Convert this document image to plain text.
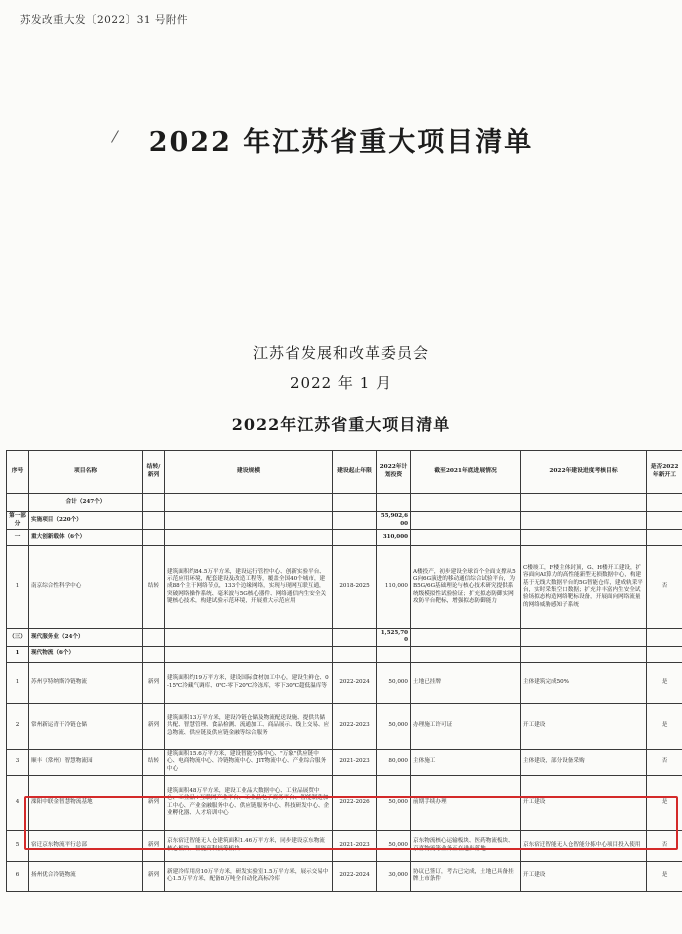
苏发改重大发〔2022〕31 号附件
2022 年江苏省重大项目清单
江苏省发展和改革委员会
2022 年 1 月
2022年江苏省重大项目清单
序号	项目名称	结转/新列	建设规模	建设起止年限	2022年计划投资	截至2021年底进展情况	2022年建设进度考核目标	是否2022年新开工
	合计（247个）							
第一部分	实施项目（220个）				55,902,600			
一	重大创新载体（6个）				310,000			
1	南京综合性科学中心	结转	建筑面积约84.5万平方米，建设运行管控中心、创新实验平台、示范应用环境，配套建设及改造工程等，覆盖全国40个城市，建成88个主干网络节点，133个边缘网络，实现与现网互联互通，突破网络操作系统、毫米波与5G核心器件、网络通信内生安全关键核心技术，构建试验示范环境，开展重大示范应用	2018-2025	110,000	A楼投产，初步建设全球首个全面支撑从5G向6G演进的移动通信综合试验平台，为B5G/6G基础理论与核心技术研究提供系统级模拟性试验验证；扩充拟态防御实网攻防平台靶标，增强拟态防御能力	C楼竣工，F楼主体封顶，G、H楼开工建设，扩容面向AI算力的高性能新型无损数据中心，构建基于无线大数据平台的5G智能仓库，建成轨采平台，实时采集空口数据；扩充并丰富内生安全试验场拟态构造网络靶标设备，开展面向网络流量的网络威胁感知子系统	否
（三）	现代服务业（24个）				1,525,700			
1	现代物流（6个）							
1	苏州亨特纳斯冷链物流	新列	建筑面积约19万平方米，建设国际食材加工中心，建设生鲜仓、0-15℃冷藏气调库、0℃-零下20℃冷冻库，零下30℃超低温库等	2022-2024	50,000	土地已挂牌	主体建筑完成50%	是
2	常州新运青干冷链仓储	新列	建筑面积13万平方米，建设冷链仓储及物流配送设施、提供共储共配、智慧管理、食品检测、流通加工、商品展示、线上交易、应急物流、供应链及供应链金融等综合服务	2022-2023	50,000	办理施工许可证	开工建设	是
3	顺丰（常州）智慧物流园	结转	建筑面积15.6万平方米，建设智能分拣中心、"万象"供应链中心、电商物流中心、冷链物流中心、JIT物流中心、产业综合服务中心	2021-2023	80,000	主体施工	主体建设，部分设备采购	否
4	溧阳中联金智慧物流基地	新列	建筑面积48万平方米，建设工业品大数据中心、工业品展贸中心、工业品+互联网产业平台、工业品电子商务平台、智能制造加工中心、产业金融服务中心、供应链服务中心、科技研发中心、企业孵化器、人才培训中心	2022-2026	50,000	前期手续办理	开工建设	是
5	宿迁京东物流平行总部	新列	京东宿迁智能无人仓建筑面积1.46万平方米，同步建设京东物流核心板块、智能高科技等板块	2021-2023	50,000	京东物流核心运输板块、医药物流板块、京喜物流等业务正在进步落地	京东宿迁智能无人仓智能分拣中心项目投入使用	否
6	扬州优合冷链物流	新列	新建冷库用房10万平方米，研发实验室1.5万平方米，展示交易中心1.5万平方米，配备8万吨全自动化高标冷库	2022-2024	30,000	协议已签订，考古已完成，土地已具备挂牌上市条件	开工建设	是
